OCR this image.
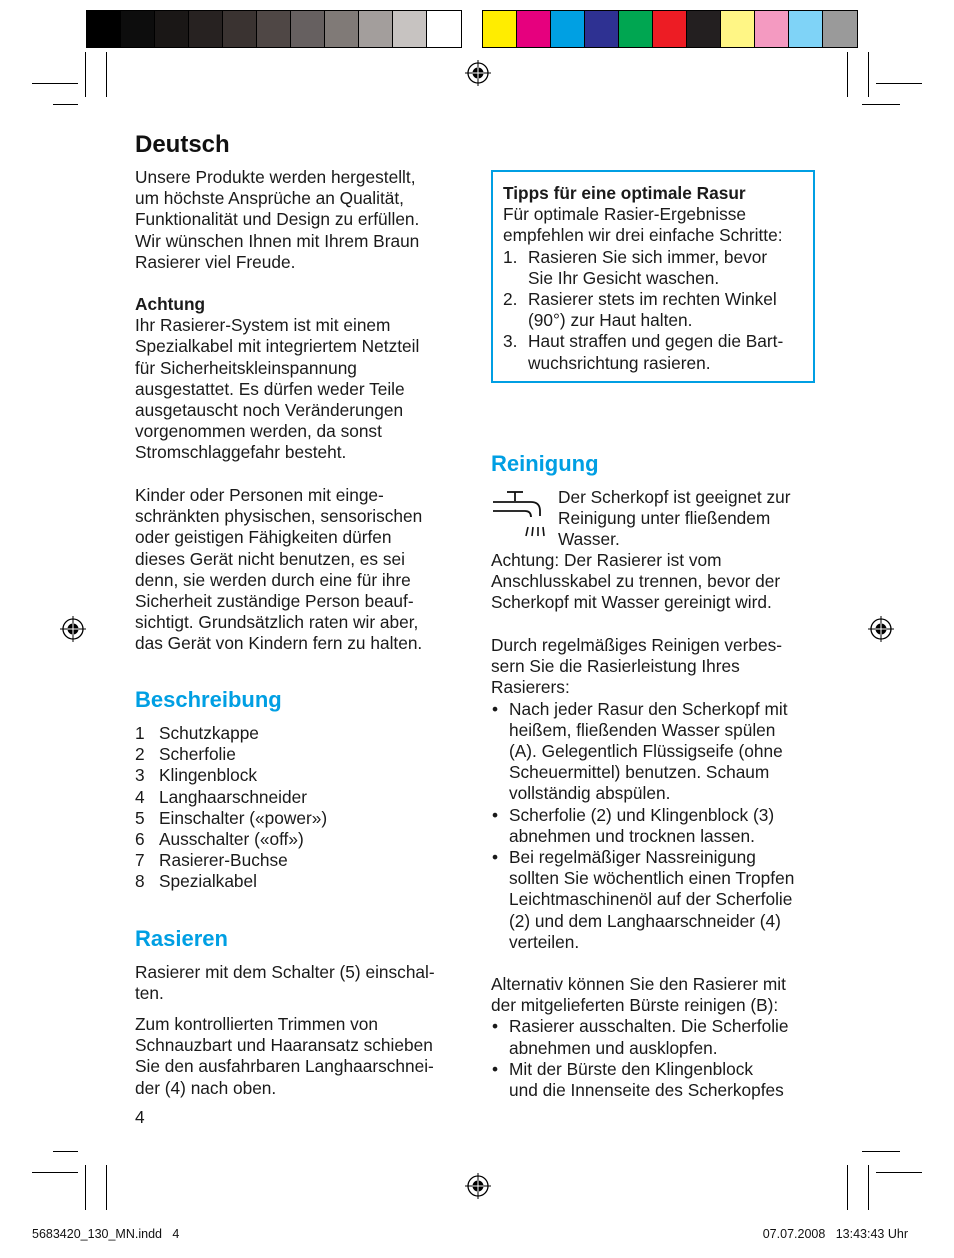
Deutsch

Unsere Produkte werden hergestellt,

um höchste Ansprüche an Qualität,

Funktionalität und Design zu erfüllen.

Wir wünschen Ihnen mit Ihrem Braun

Rasierer viel Freude.

Achtung

Ihr Rasierer-System ist mit einem

Spezialkabel mit integriertem Netzteil

für Sicherheitskleinspannung

ausgestattet. Es dürfen weder Teile

ausgetauscht noch Veränderungen

vorgenommen werden, da sonst

Stromschlaggefahr besteht.

Kinder oder Personen mit einge-

schränkten physischen, sensorischen

oder geistigen Fähigkeiten dürfen

dieses Gerät nicht benutzen, es sei

denn, sie werden durch eine für ihre

Sicherheit zuständige Person beauf-

sichtigt. Grundsätzlich raten wir aber,

das Gerät von Kindern fern zu halten.

Beschreibung
1 Schutzkappe
2 Scherfolie
3 Klingenblock
4 Langhaarschneider
5 Einschalter («power»)
6 Ausschalter («off»)
7 Rasierer-Buchse
8 Spezialkabel
Rasieren

Rasierer mit dem Schalter (5) einschal-

ten.

Zum kontrollierten Trimmen von

Schnauzbart und Haaransatz schieben

Sie den ausfahrbaren Langhaarschnei-

der (4) nach oben.

4

Tipps für eine optimale Rasur

Für optimale Rasier-Ergebnisse

empfehlen wir drei einfache Schritte:

1. Rasieren Sie sich immer, bevor
Sie Ihr Gesicht waschen.
2. Rasierer stets im rechten Winkel
(90°) zur Haut halten.
3. Haut straffen und gegen die Bart-
wuchsrichtung rasieren.
Reinigung

Der Scherkopf ist geeignet zur

Reinigung unter fließendem

Wasser.

Achtung: Der Rasierer ist vom

Anschlusskabel zu trennen, bevor der

Scherkopf mit Wasser gereinigt wird.

Durch regelmäßiges Reinigen verbes-

sern Sie die Rasierleistung Ihres

Rasierers:

• Nach jeder Rasur den Scherkopf mit
heißem, fließenden Wasser spülen
(A). Gelegentlich Flüssigseife (ohne
Scheuermittel) benutzen. Schaum
vollständig abspülen.
• Scherfolie (2) und Klingenblock (3)
abnehmen und trocknen lassen.
• Bei regelmäßiger Nassreinigung
sollten Sie wöchentlich einen Tropfen
Leichtmaschinenöl auf der Scherfolie
(2) und dem Langhaarschneider (4)
verteilen.

Alternativ können Sie den Rasierer mit

der mitgelieferten Bürste reinigen (B):

• Rasierer ausschalten. Die Scherfolie
abnehmen und ausklopfen.
• Mit der Bürste den Klingenblock
und die Innenseite des Scherkopfes
5683420_130_MN.indd   4	07.07.2008   13:43:43 Uhr
